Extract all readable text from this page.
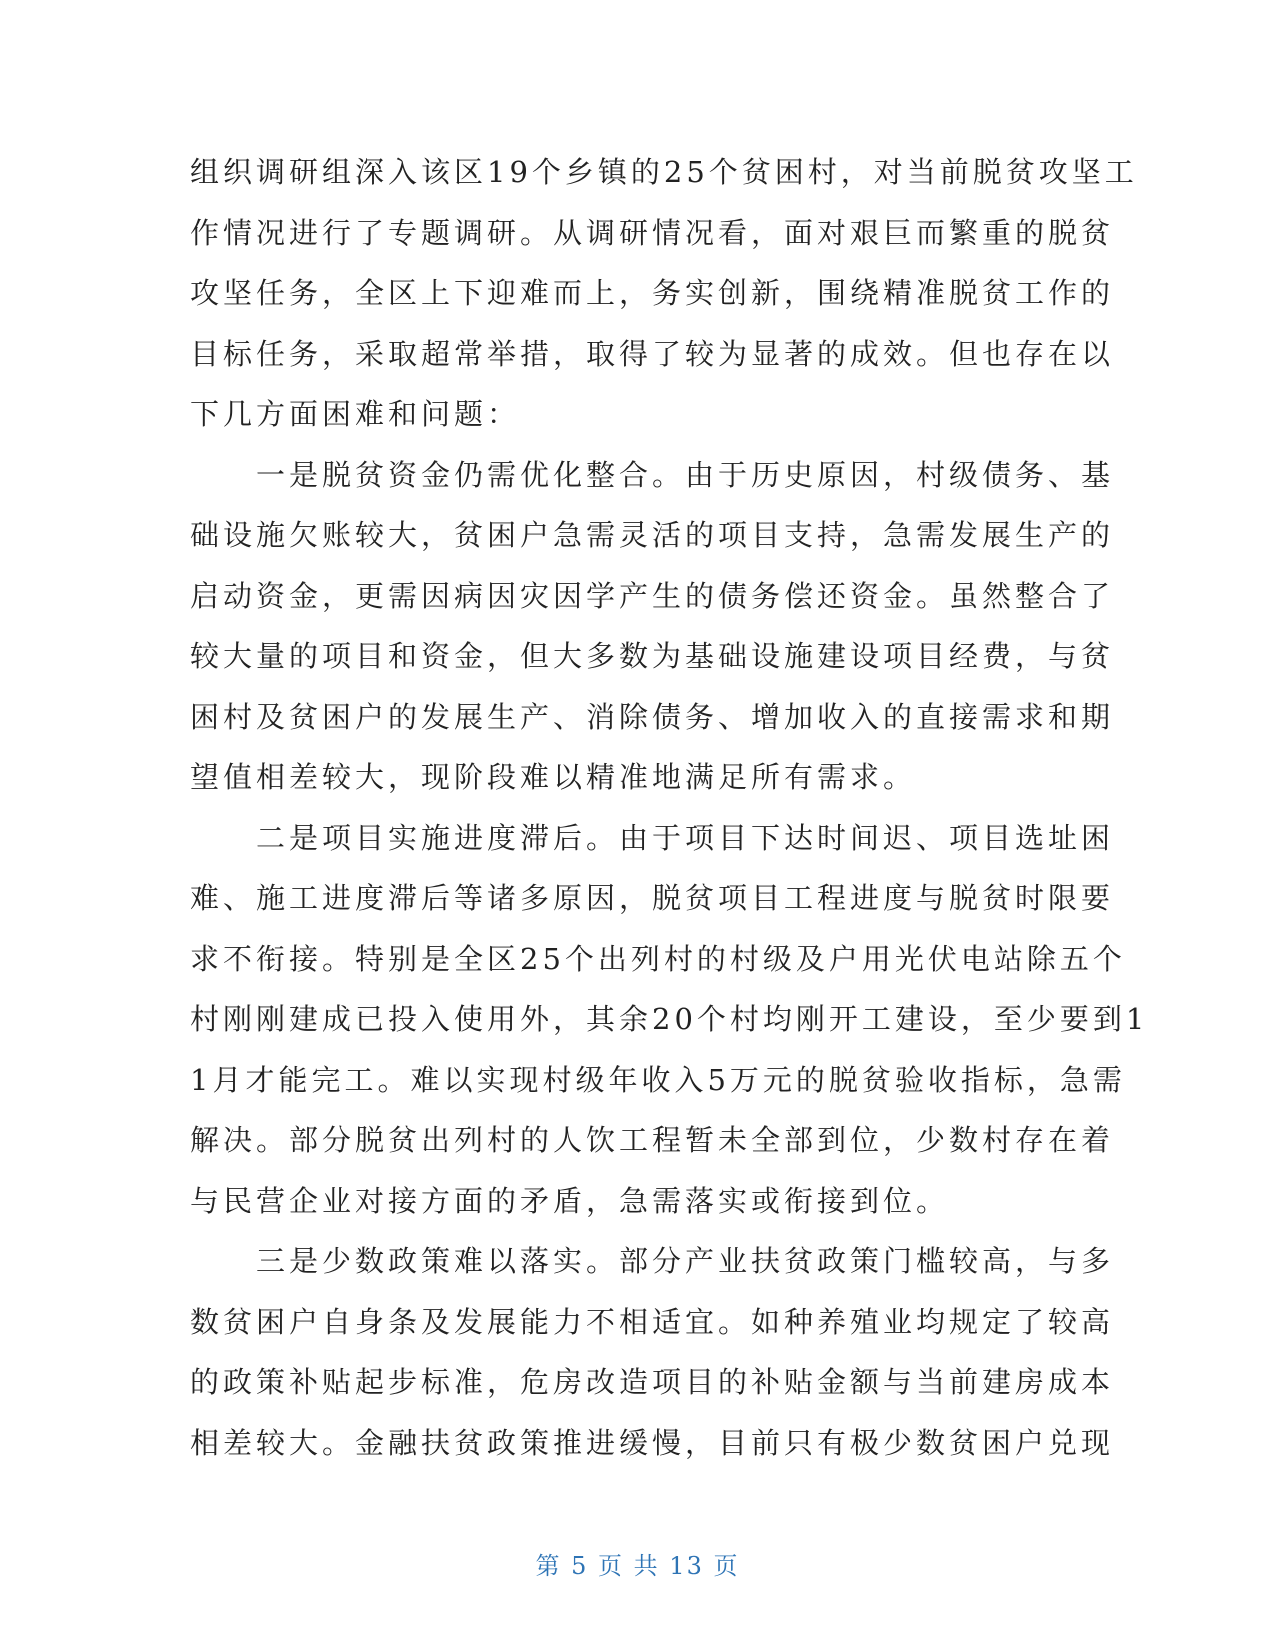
组织调研组深入该区19个乡镇的25个贫困村，对当前脱贫攻坚工
作情况进行了专题调研。从调研情况看，面对艰巨而繁重的脱贫
攻坚任务，全区上下迎难而上，务实创新，围绕精准脱贫工作的
目标任务，采取超常举措，取得了较为显著的成效。但也存在以
下几方面困难和问题：
　　一是脱贫资金仍需优化整合。由于历史原因，村级债务、基
础设施欠账较大，贫困户急需灵活的项目支持，急需发展生产的
启动资金，更需因病因灾因学产生的债务偿还资金。虽然整合了
较大量的项目和资金，但大多数为基础设施建设项目经费，与贫
困村及贫困户的发展生产、消除债务、增加收入的直接需求和期
望值相差较大，现阶段难以精准地满足所有需求。
　　二是项目实施进度滞后。由于项目下达时间迟、项目选址困
难、施工进度滞后等诸多原因，脱贫项目工程进度与脱贫时限要
求不衔接。特别是全区25个出列村的村级及户用光伏电站除五个
村刚刚建成已投入使用外，其余20个村均刚开工建设，至少要到1
1月才能完工。难以实现村级年收入5万元的脱贫验收指标，急需
解决。部分脱贫出列村的人饮工程暂未全部到位，少数村存在着
与民营企业对接方面的矛盾，急需落实或衔接到位。
　　三是少数政策难以落实。部分产业扶贫政策门槛较高，与多
数贫困户自身条及发展能力不相适宜。如种养殖业均规定了较高
的政策补贴起步标准，危房改造项目的补贴金额与当前建房成本
相差较大。金融扶贫政策推进缓慢，目前只有极少数贫困户兑现
第 5 页 共 13 页
